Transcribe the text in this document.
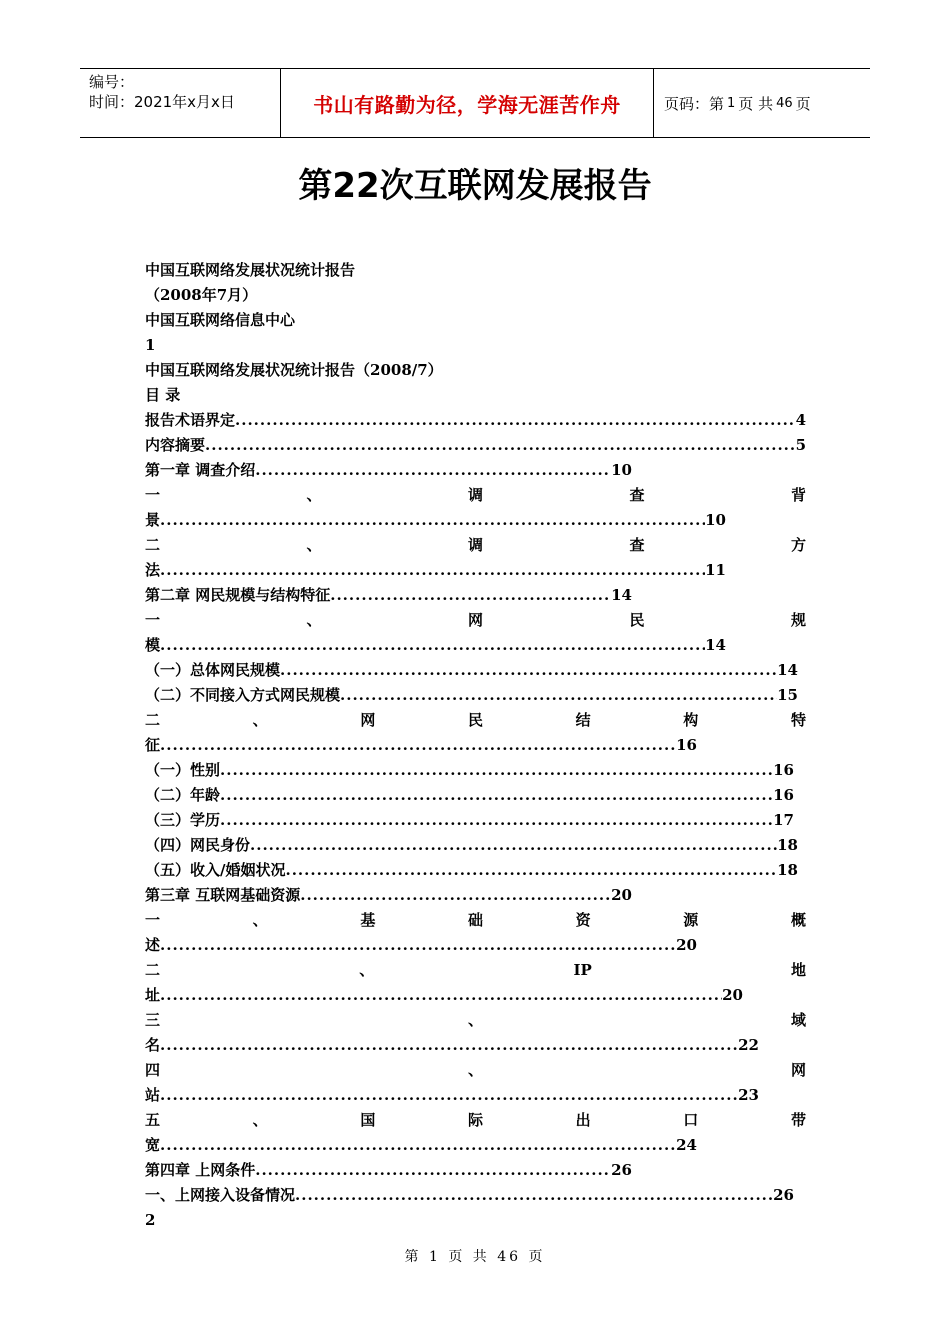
编号：
时间：2021年x月x日	书山有路勤为径，学海无涯苦作舟	页码：第 1 页 共 46 页
第22次互联网发展报告
中国互联网络发展状况统计报告
（2008年7月）
中国互联网络信息中心
1
中国互联网络发展状况统计报告（2008/7）
目 录
报告术语界定 .....	4
内容摘要 .....	5
第一章 调查介绍 .....	10
一	、	调	查	背
景 .....	10
二	、	调	查	方
法 .....	11
第二章 网民规模与结构特征 .....	14
一	、	网	民	规
模 .....	14
（一）总体网民规模 .....	14
（二）不同接入方式网民规模 .....	15
二	、	网	民	结	构	特
征 .....	16
（一）性别 .....	16
（二）年龄 .....	16
（三）学历 .....	17
（四）网民身份 .....	18
（五）收入/婚姻状况 .....	18
第三章 互联网基础资源 .....	20
一	、	基	础	资	源	概
述 .....	20
二	、	IP	地
址 .....	20
三	、	域
名 .....	22
四	、	网
站 .....	23
五	、	国	际	出	口	带
宽 .....	24
第四章 上网条件 .....	26
一、上网接入设备情况 .....	26
2
第 1 页 共 46 页
